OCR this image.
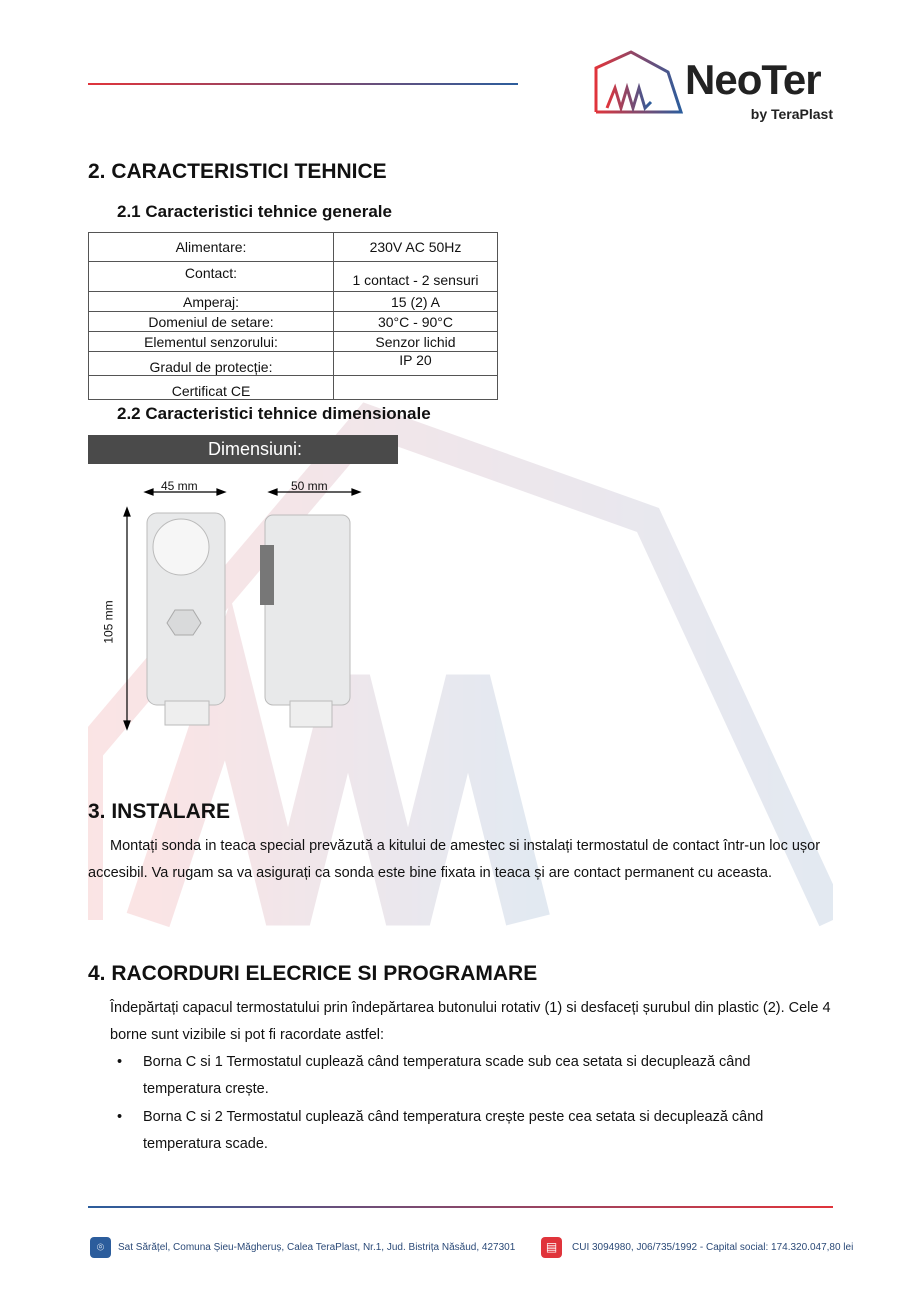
NeoTer
by TeraPlast
2. CARACTERISTICI TEHNICE
2.1 Caracteristici tehnice generale
Alimentare:	230V AC 50Hz
Contact:	1 contact - 2 sensuri
Amperaj:	15 (2) A
Domeniul de setare:	30°C - 90°C
Elementul senzorului:	Senzor lichid
Gradul de protecție:	IP 20
Certificat CE	
2.2 Caracteristici tehnice dimensionale
Dimensiuni:
45 mm	50 mm
105 mm
3. INSTALARE

Montați sonda in teaca special prevăzută a kitului de amestec si instalați termostatul de contact într-un loc ușor accesibil. Va rugam sa va asigurați ca sonda este bine fixata in teaca și are contact permanent cu aceasta.

4. RACORDURI ELECRICE SI PROGRAMARE

Îndepărtați capacul termostatului prin îndepărtarea butonului rotativ (1) si desfaceți șurubul din plastic (2). Cele 4 borne sunt vizibile si pot fi racordate astfel:

• Borna C si 1 Termostatul cuplează când temperatura scade sub cea setata si decuplează când temperatura crește.
• Borna C si 2 Termostatul cuplează când temperatura crește peste cea setata si decuplează când temperatura scade.
⌾	Sat Sărățel, Comuna Șieu-Măgheruș, Calea TeraPlast, Nr.1, Jud. Bistrița Năsăud, 427301	▤	CUI 3094980, J06/735/1992 - Capital social: 174.320.047,80 lei
